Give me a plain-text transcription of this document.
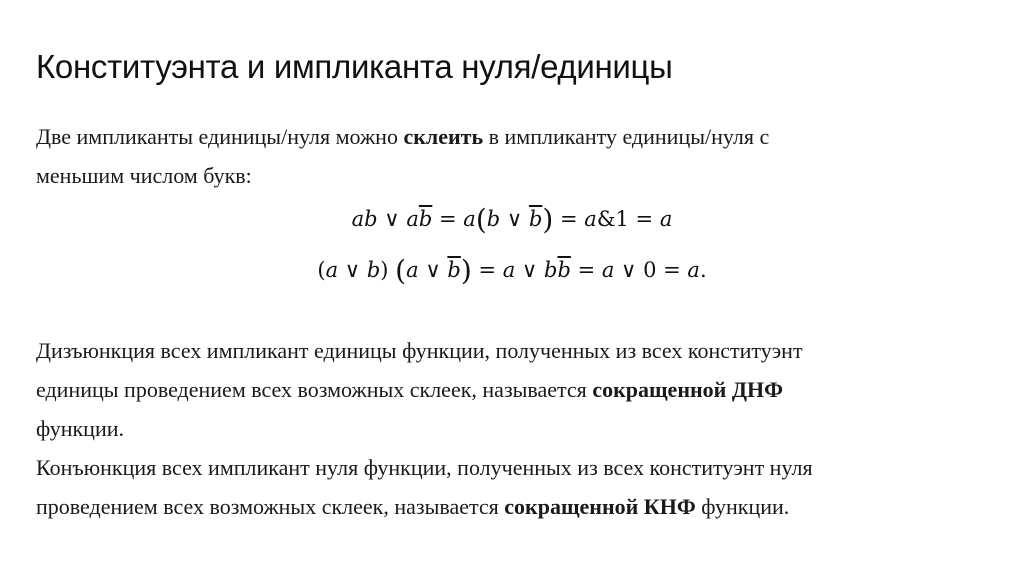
Конституэнта и импликанта нуля/единицы
Две импликанты единицы/нуля можно склеить в импликанту единицы/нуля с
меньшим числом букв:
ab ∨ $a\overline{b} = a(b$ ∨ $\overline{b}$) = a&1 = a
(a ∨ b) (a ∨ $\overline{b}) = a$ ∨ $b\overline{b} = a$ ∨ 0 = a.
Дизъюнкция всех импликант единицы функции, полученных из всех конституэнт
единицы проведением всех возможных склеек, называется сокращенной ДНФ
функции.
Конъюнкция всех импликант нуля функции, полученных из всех конституэнт нуля
проведением всех возможных склеек, называется сокращенной КНФ функции.
